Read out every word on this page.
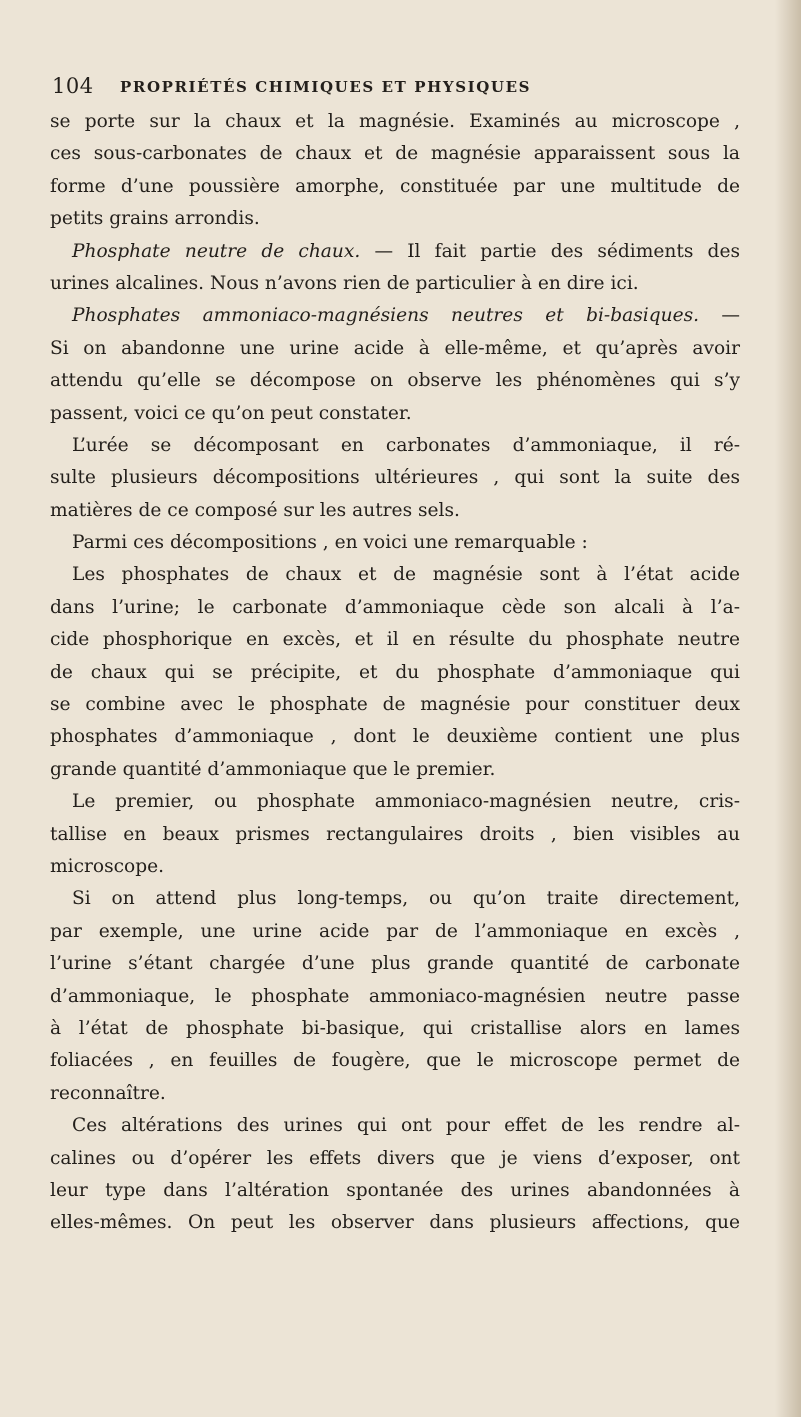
104 PROPRIÉTÉS CHIMIQUES ET PHYSIQUES
se porte sur la chaux et la magnésie. Examinés au microscope ,
ces sous-carbonates de chaux et de magnésie apparaissent sous la
forme d’une poussière amorphe, constituée par une multitude de
petits grains arrondis.
Phosphate neutre de chaux. — Il fait partie des sédiments des
urines alcalines. Nous n’avons rien de particulier à en dire ici.
Phosphates ammoniaco-magnésiens neutres et bi-basiques. —
Si on abandonne une urine acide à elle-même, et qu’après avoir
attendu qu’elle se décompose on observe les phénomènes qui s’y
passent, voici ce qu’on peut constater.
L’urée se décomposant en carbonates d’ammoniaque, il ré-
sulte plusieurs décompositions ultérieures , qui sont la suite des
matières de ce composé sur les autres sels.
Parmi ces décompositions , en voici une remarquable :
Les phosphates de chaux et de magnésie sont à l’état acide
dans l’urine; le carbonate d’ammoniaque cède son alcali à l’a-
cide phosphorique en excès, et il en résulte du phosphate neutre
de chaux qui se précipite, et du phosphate d’ammoniaque qui
se combine avec le phosphate de magnésie pour constituer deux
phosphates d’ammoniaque , dont le deuxième contient une plus
grande quantité d’ammoniaque que le premier.
Le premier, ou phosphate ammoniaco-magnésien neutre, cris-
tallise en beaux prismes rectangulaires droits , bien visibles au
microscope.
Si on attend plus long-temps, ou qu’on traite directement,
par exemple, une urine acide par de l’ammoniaque en excès ,
l’urine s’étant chargée d’une plus grande quantité de carbonate
d’ammoniaque, le phosphate ammoniaco-magnésien neutre passe
à l’état de phosphate bi-basique, qui cristallise alors en lames
foliacées , en feuilles de fougère, que le microscope permet de
reconnaître.
Ces altérations des urines qui ont pour effet de les rendre al-
calines ou d’opérer les effets divers que je viens d’exposer, ont
leur type dans l’altération spontanée des urines abandonnées à
elles-mêmes. On peut les observer dans plusieurs affections, que
